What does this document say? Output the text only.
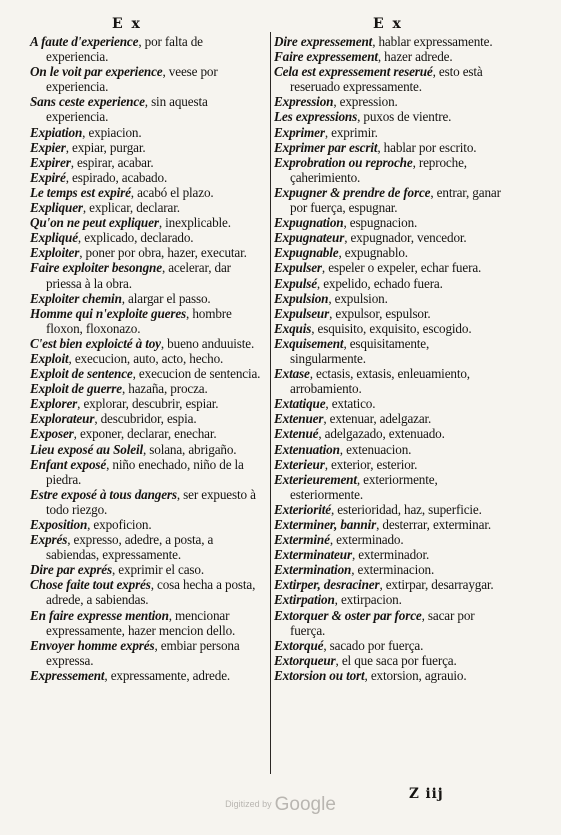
E x	E x

A faute d'experience, por falta de experiencia.

On le voit par experience, veese por experiencia.

Sans ceste experience, sin aquesta experiencia.

Expiation, expiacion.

Expier, expiar, purgar.

Expirer, espirar, acabar.

Expiré, espirado, acabado.

Le temps est expiré, acabó el plazo.

Expliquer, explicar, declarar.

Qu'on ne peut expliquer, inexplicable.

Expliqué, explicado, declarado.

Exploiter, poner por obra, hazer, executar.

Faire exploiter besongne, acelerar, dar priessa à la obra.

Exploiter chemin, alargar el passo.

Homme qui n'exploite gueres, hombre floxon, floxonazo.

C'est bien exploicté à toy, bueno anduuiste.

Exploit, execucion, auto, acto, hecho.

Exploit de sentence, execucion de sentencia.

Exploit de guerre, hazaña, procza.

Explorer, explorar, descubrir, espiar.

Explorateur, descubridor, espia.

Exposer, exponer, declarar, enechar.

Lieu exposé au Soleil, solana, abrigaño.

Enfant exposé, niño enechado, niño de la piedra.

Estre exposé à tous dangers, ser expuesto à todo riezgo.

Exposition, expoficion.

Exprés, expresso, adedre, a posta, a sabiendas, expressamente.

Dire par exprés, exprimir el caso.

Chose faite tout exprés, cosa hecha a posta, adrede, a sabiendas.

En faire expresse mention, mencionar expressamente, hazer mencion dello.

Envoyer homme exprés, embiar persona expressa.

Expressement, expressamente, adrede.

Dire expressement, hablar expressamente.

Faire expressement, hazer adrede.

Cela est expressement reserué, esto està reseruado expressamente.

Expression, expression.

Les expressions, puxos de vientre.

Exprimer, exprimir.

Exprimer par escrit, hablar por escrito.

Exprobration ou reproche, reproche, çaherimiento.

Expugner & prendre de force, entrar, ganar por fuerça, espugnar.

Expugnation, espugnacion.

Expugnateur, expugnador, vencedor.

Expugnable, expugnablo.

Expulser, espeler o expeler, echar fuera.

Expulsé, expelido, echado fuera.

Expulsion, expulsion.

Expulseur, expulsor, espulsor.

Exquis, esquisito, exquisito, escogido.

Exquisement, esquisitamente, singularmente.

Extase, ectasis, extasis, enleuamiento, arrobamiento.

Extatique, extatico.

Extenuer, extenuar, adelgazar.

Extenué, adelgazado, extenuado.

Extenuation, extenuacion.

Exterieur, exterior, esterior.

Exterieurement, exteriormente, esteriormente.

Exteriorité, esterioridad, haz, superficie.

Exterminer, bannir, desterrar, exterminar.

Exterminé, exterminado.

Exterminateur, exterminador.

Extermination, exterminacion.

Extirper, desraciner, extirpar, desarraygar.

Extirpation, extirpacion.

Extorquer & oster par force, sacar por fuerça.

Extorqué, sacado por fuerça.

Extorqueur, el que saca por fuerça.

Extorsion ou tort, extorsion, agrauio.

Z iij
Digitized by Google
